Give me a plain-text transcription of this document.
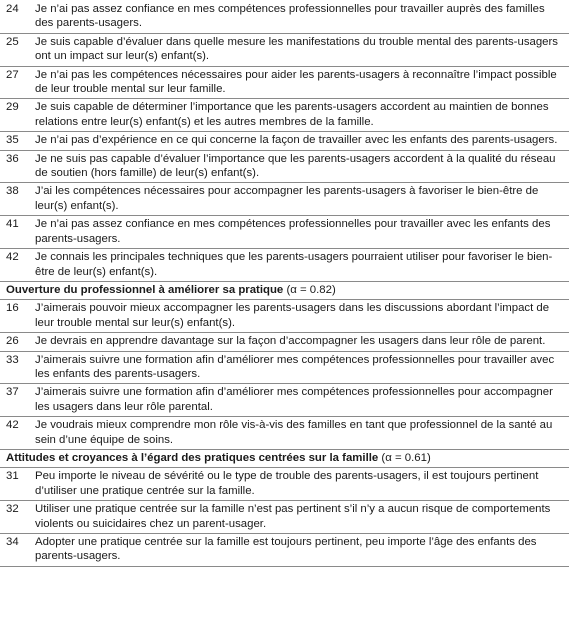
24	Je n’ai pas assez confiance en mes compétences professionnelles pour travailler auprès des familles des parents-usagers.
25	Je suis capable d’évaluer dans quelle mesure les manifestations du trouble mental des parents-usagers ont un impact sur leur(s) enfant(s).
27	Je n’ai pas les compétences nécessaires pour aider les parents-usagers à reconnaître l’impact possible de leur trouble mental sur leur famille.
29	Je suis capable de déterminer l’importance que les parents-usagers accordent au maintien de bonnes relations entre leur(s) enfant(s) et les autres membres de la famille.
35	Je n’ai pas d’expérience en ce qui concerne la façon de travailler avec les enfants des parents-usagers.
36	Je ne suis pas capable d’évaluer l’importance que les parents-usagers accordent à la qualité du réseau de soutien (hors famille) de leur(s) enfant(s).
38	J’ai les compétences nécessaires pour accompagner les parents-usagers à favoriser le bien-être de leur(s) enfant(s).
41	Je n’ai pas assez confiance en mes compétences professionnelles pour travailler avec les enfants des parents-usagers.
42	Je connais les principales techniques que les parents-usagers pourraient utiliser pour favoriser le bien-être de leur(s) enfant(s).
Ouverture du professionnel à améliorer sa pratique (α = 0.82)
16	J’aimerais pouvoir mieux accompagner les parents-usagers dans les discussions abordant l’impact de leur trouble mental sur leur(s) enfant(s).
26	Je devrais en apprendre davantage sur la façon d’accompagner les usagers dans leur rôle de parent.
33	J’aimerais suivre une formation afin d’améliorer mes compétences professionnelles pour travailler avec les enfants des parents-usagers.
37	J’aimerais suivre une formation afin d’améliorer mes compétences professionnelles pour accompagner les usagers dans leur rôle parental.
42	Je voudrais mieux comprendre mon rôle vis-à-vis des familles en tant que professionnel de la santé au sein d’une équipe de soins.
Attitudes et croyances à l’égard des pratiques centrées sur la famille (α = 0.61)
31	Peu importe le niveau de sévérité ou le type de trouble des parents-usagers, il est toujours pertinent d’utiliser une pratique centrée sur la famille.
32	Utiliser une pratique centrée sur la famille n’est pas pertinent s’il n’y a aucun risque de comportements violents ou suicidaires chez un parent-usager.
34	Adopter une pratique centrée sur la famille est toujours pertinent, peu importe l’âge des enfants des parents-usagers.
